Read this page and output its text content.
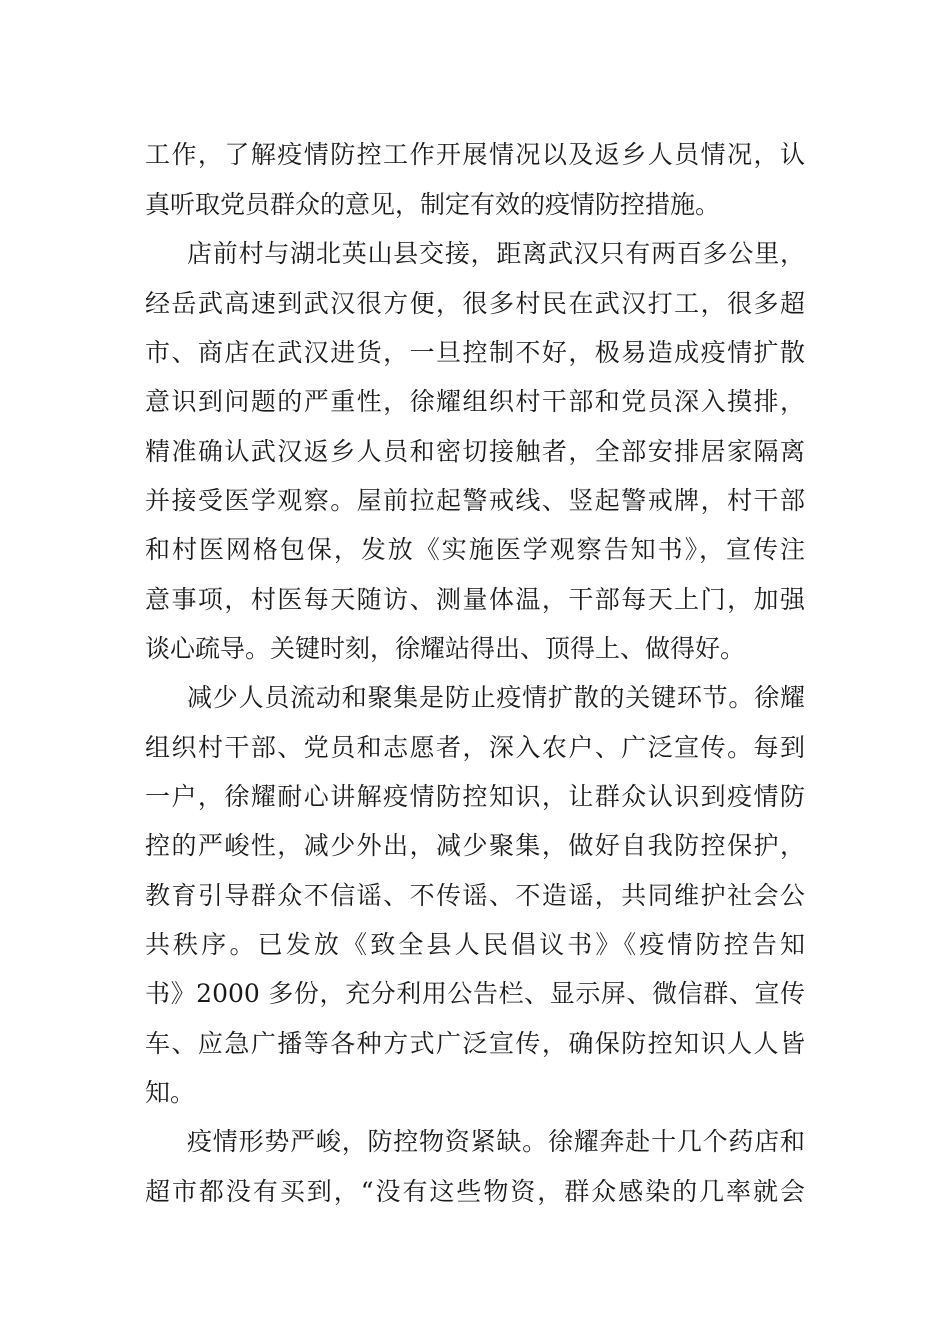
工作，了解疫情防控工作开展情况以及返乡人员情况，认
真听取党员群众的意见，制定有效的疫情防控措施。
店前村与湖北英山县交接，距离武汉只有两百多公里，
经岳武高速到武汉很方便，很多村民在武汉打工，很多超
市、商店在武汉进货，一旦控制不好，极易造成疫情扩散
意识到问题的严重性，徐耀组织村干部和党员深入摸排，
精准确认武汉返乡人员和密切接触者，全部安排居家隔离
并接受医学观察。屋前拉起警戒线、竖起警戒牌，村干部
和村医网格包保，发放《实施医学观察告知书》，宣传注
意事项，村医每天随访、测量体温，干部每天上门，加强
谈心疏导。关键时刻，徐耀站得出、顶得上、做得好。
减少人员流动和聚集是防止疫情扩散的关键环节。徐耀
组织村干部、党员和志愿者，深入农户、广泛宣传。每到
一户，徐耀耐心讲解疫情防控知识，让群众认识到疫情防
控的严峻性，减少外出，减少聚集，做好自我防控保护，
教育引导群众不信谣、不传谣、不造谣，共同维护社会公
共秩序。已发放《致全县人民倡议书》《疫情防控告知
书》2000 多份，充分利用公告栏、显示屏、微信群、宣传
车、应急广播等各种方式广泛宣传，确保防控知识人人皆
知。
疫情形势严峻，防控物资紧缺。徐耀奔赴十几个药店和
超市都没有买到，“没有这些物资，群众感染的几率就会
